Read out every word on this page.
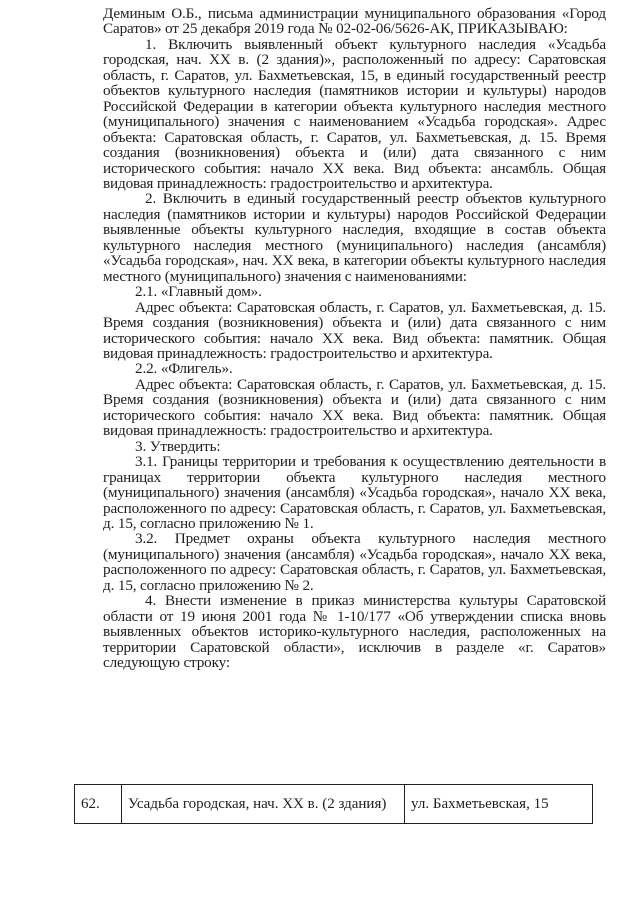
Деминым О.Б., письма администрации муниципального образования «Город Саратов» от 25 декабря 2019 года № 02-02-06/5626-АК, ПРИКАЗЫВАЮ:

1. Включить выявленный объект культурного наследия «Усадьба городская, нач. XX в. (2 здания)», расположенный по адресу: Саратовская область, г. Саратов, ул. Бахметьевская, 15, в единый государственный реестр объектов культурного наследия (памятников истории и культуры) народов Российской Федерации в категории объекта культурного наследия местного (муниципального) значения с наименованием «Усадьба городская». Адрес объекта: Саратовская область, г. Саратов, ул. Бахметьевская, д. 15. Время создания (возникновения) объекта и (или) дата связанного с ним исторического события: начало XX века. Вид объекта: ансамбль. Общая видовая принадлежность: градостроительство и архитектура.

2. Включить в единый государственный реестр объектов культурного наследия (памятников истории и культуры) народов Российской Федерации выявленные объекты культурного наследия, входящие в состав объекта культурного наследия местного (муниципального) наследия (ансамбля) «Усадьба городская», нач. XX века, в категории объекты культурного наследия местного (муниципального) значения с наименованиями:

2.1. «Главный дом».

Адрес объекта: Саратовская область, г. Саратов, ул. Бахметьевская, д. 15. Время создания (возникновения) объекта и (или) дата связанного с ним исторического события: начало XX века. Вид объекта: памятник. Общая видовая принадлежность: градостроительство и архитектура.

2.2. «Флигель».

Адрес объекта: Саратовская область, г. Саратов, ул. Бахметьевская, д. 15. Время создания (возникновения) объекта и (или) дата связанного с ним исторического события: начало XX века. Вид объекта: памятник. Общая видовая принадлежность: градостроительство и архитектура.

3. Утвердить:

3.1. Границы территории и требования к осуществлению деятельности в границах территории объекта культурного наследия местного (муниципального) значения (ансамбля) «Усадьба городская», начало XX века, расположенного по адресу: Саратовская область, г. Саратов, ул. Бахметьевская, д. 15, согласно приложению № 1.

3.2. Предмет охраны объекта культурного наследия местного (муниципального) значения (ансамбля) «Усадьба городская», начало XX века, расположенного по адресу: Саратовская область, г. Саратов, ул. Бахметьевская, д. 15, согласно приложению № 2.

4. Внести изменение в приказ министерства культуры Саратовской области от 19 июня 2001 года № 1-10/177 «Об утверждении списка вновь выявленных объектов историко-культурного наследия, расположенных на территории Саратовской области», исключив в разделе «г. Саратов» следующую строку:

62.	Усадьба городская, нач. XX в. (2 здания)	ул. Бахметьевская, 15
